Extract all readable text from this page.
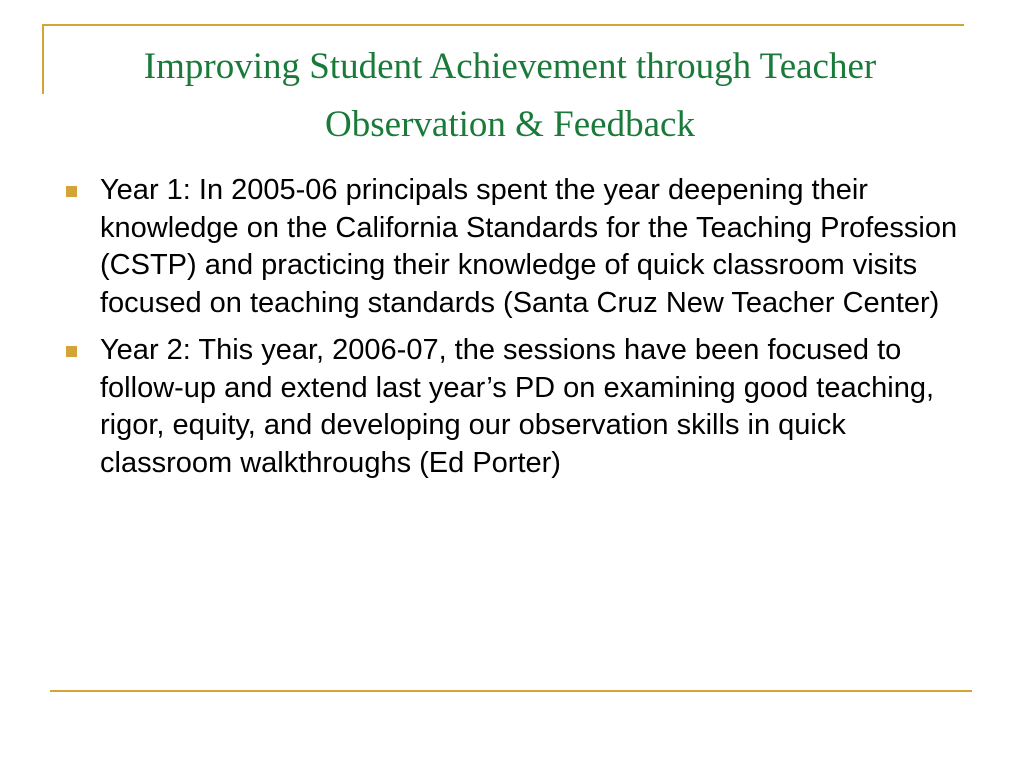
Improving Student Achievement through Teacher Observation & Feedback
Year 1: In 2005-06 principals spent the year deepening their knowledge on the California Standards for the Teaching Profession (CSTP) and practicing their knowledge of quick classroom visits focused on teaching standards (Santa Cruz New Teacher Center)
Year 2: This year, 2006-07, the sessions have been focused to follow-up and extend last year’s PD on examining good teaching, rigor, equity, and developing our observation skills in quick classroom walkthroughs (Ed Porter)
